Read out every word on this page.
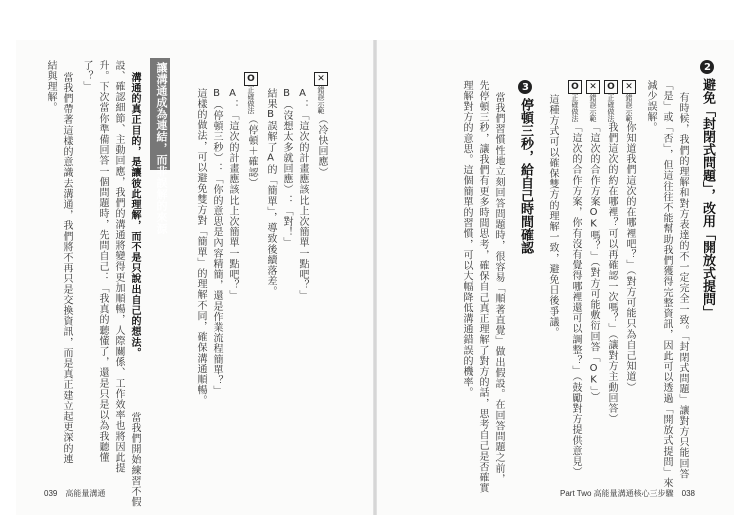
2避免「封閉式問題」，改用「開放式提問」
有時候，我們的理解和對方表達的不一定完全一致。「封閉式問題」讓對方只能回答
「是」或「否」，但這往往不能幫助我們獲得完整資訊，因此可以透過「開放式提問」來
減少誤解。
✕錯誤示範你知道我們這次的在哪裡吧？」（對方可能只為自己知道）
O正確做法我們這次的約在哪裡？可以再確認一次嗎？」（讓對方主動回答）
✕錯誤示範「這次的合作方案OK嗎？」（對方可能敷衍回答「OK」）
O正確做法「這次的合作方案，你有沒有覺得哪裡還可以調整？」（鼓勵對方提供意見）
這種方式可以確保雙方的理解一致，避免日後爭議。
3停頓三秒，給自己時間確認
當我們習慣性地立刻回答問題時，很容易「順著直覺」做出假設。在回答問題之前，
先停頓三秒，讓我們有更多時間思考，確保自己真正理解了對方的話，思考自己是否確實
理解對方的意思。這個簡單的習慣，可以大幅降低溝通錯誤的機率。
Part Two 高能量溝通核心三步驟　038
✕錯誤示範（冷快回應）
A：「這次的計畫應該比上次簡單一點吧？」
B（沒想太多就回應）：「對！」
結果B誤解了A的「簡單」，導致後續落差。
O正確做法（停頓＋確認）
A：「這次的計畫應該比上次簡單一點吧？」
B（停頓三秒）：「你的意思是內容精簡，還是作業流程簡單？」
這樣的做法，可以避免雙方對「簡單」的理解不同，確保溝通順暢。
讓溝通成為連結，而非誤解的來源
溝通的真正目的，是讓彼此理解，而不是只說出自己的想法。
當我們開始練習不假
設、確認細節、主動回應，我們的溝通將變得更加順暢，人際關係、工作效率也將因此提
升。下次當你準備回答一個問題時，先問自己：「我真的聽懂了，還是只是以為我聽懂
了？」
當我們帶著這樣的意識去溝通，我們將不再只是交換資訊，而是真正建立起更深的連
結與理解。
039　高能量溝通
